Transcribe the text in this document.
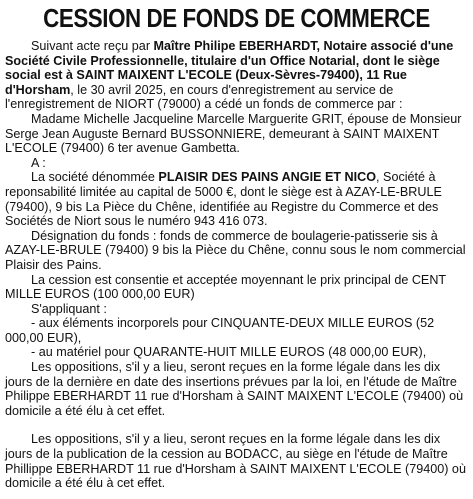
CESSION DE FONDS DE COMMERCE

Suivant acte reçu par Maître Philipe EBERHARDT, Notaire associé d'une Société Civile Professionnelle, titulaire d'un Office Notarial, dont le siège social est à SAINT MAIXENT L'ECOLE (Deux-Sèvres-79400), 11 Rue d'Horsham, le 30 avril 2025, en cours d'enregistrement au service de l'enregistrement de NIORT (79000) a cédé un fonds de commerce par :

Madame Michelle Jacqueline Marcelle Marguerite GRIT, épouse de Monsieur Serge Jean Auguste Bernard BUSSONNIERE, demeurant à SAINT MAIXENT L'ECOLE (79400) 6 ter avenue Gambetta.

A :

La société dénommée PLAISIR DES PAINS ANGIE ET NICO, Société à reponsabilité limitée au capital de 5000 €, dont le siège est à AZAY-LE-BRULE (79400), 9 bis La Pièce du Chêne, identifiée au Registre du Commerce et des Sociétés de Niort sous le numéro 943 416 073.

Désignation du fonds : fonds de commerce de boulagerie-patisserie sis à AZAY-LE-BRULE (79400) 9 bis la Pièce du Chêne, connu sous le nom commercial Plaisir des Pains.

La cession est consentie et acceptée moyennant le prix principal de CENT MILLE EUROS (100 000,00 EUR)

S'appliquant :

- aux éléments incorporels pour CINQUANTE-DEUX MILLE EUROS (52 000,00 EUR),

- au matériel pour QUARANTE-HUIT MILLE EUROS (48 000,00 EUR),

Les oppositions, s'il y a lieu, seront reçues en la forme légale dans les dix jours de la dernière en date des insertions prévues par la loi, en l'étude de Maître Philippe EBERHARDT 11 rue d'Horsham à SAINT MAIXENT L'ECOLE (79400) où domicile a été élu à cet effet.

Les oppositions, s'il y a lieu, seront reçues en la forme légale dans les dix jours de la publication de la cession au BODACC, au siège en l'étude de Maître Phillippe EBERHARDT 11 rue d'Horsham à SAINT MAIXENT L'ECOLE (79400) où domicile a été élu à cet effet.
